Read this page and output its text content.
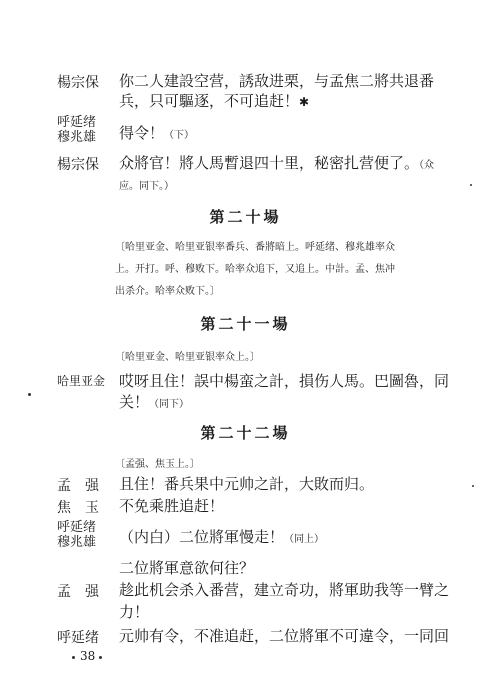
楊宗保 你二人建設空营，誘敌进栗，与孟焦二將共退番
兵，只可驅逐，不可追赶！✱
呼延绪
穆兆雄 得令！（下）
楊宗保 众將官！將人馬暫退四十里，秘密扎营便了。（众
应。同下。）
第二十場
〔哈里亚金、哈里亚银率番兵、番將暗上。呼延绪、穆兆雄率众
上。开打。呼、穆败下。哈率众追下，又追上。中計。孟、焦冲
出杀介。哈率众败下。〕
第二十一場
〔哈里亚金、哈里亚银率众上。〕
哈里亚金 哎呀且住！誤中楊蛮之計，損伤人馬。巴圖魯，同
关！（同下）
第二十二場
〔孟强、焦玉上。〕
孟　强 且住！番兵果中元帅之計，大敗而归。
焦　玉 不免乘胜追赶！
呼延绪
穆兆雄 （内白）二位將軍慢走！（同上）
二位將軍意欲何往？
孟　强 趁此机会杀入番营，建立奇功，將軍助我等一臂之
力！
呼延绪 元帅有令，不准追赶，二位將軍不可違令，一同回
38
